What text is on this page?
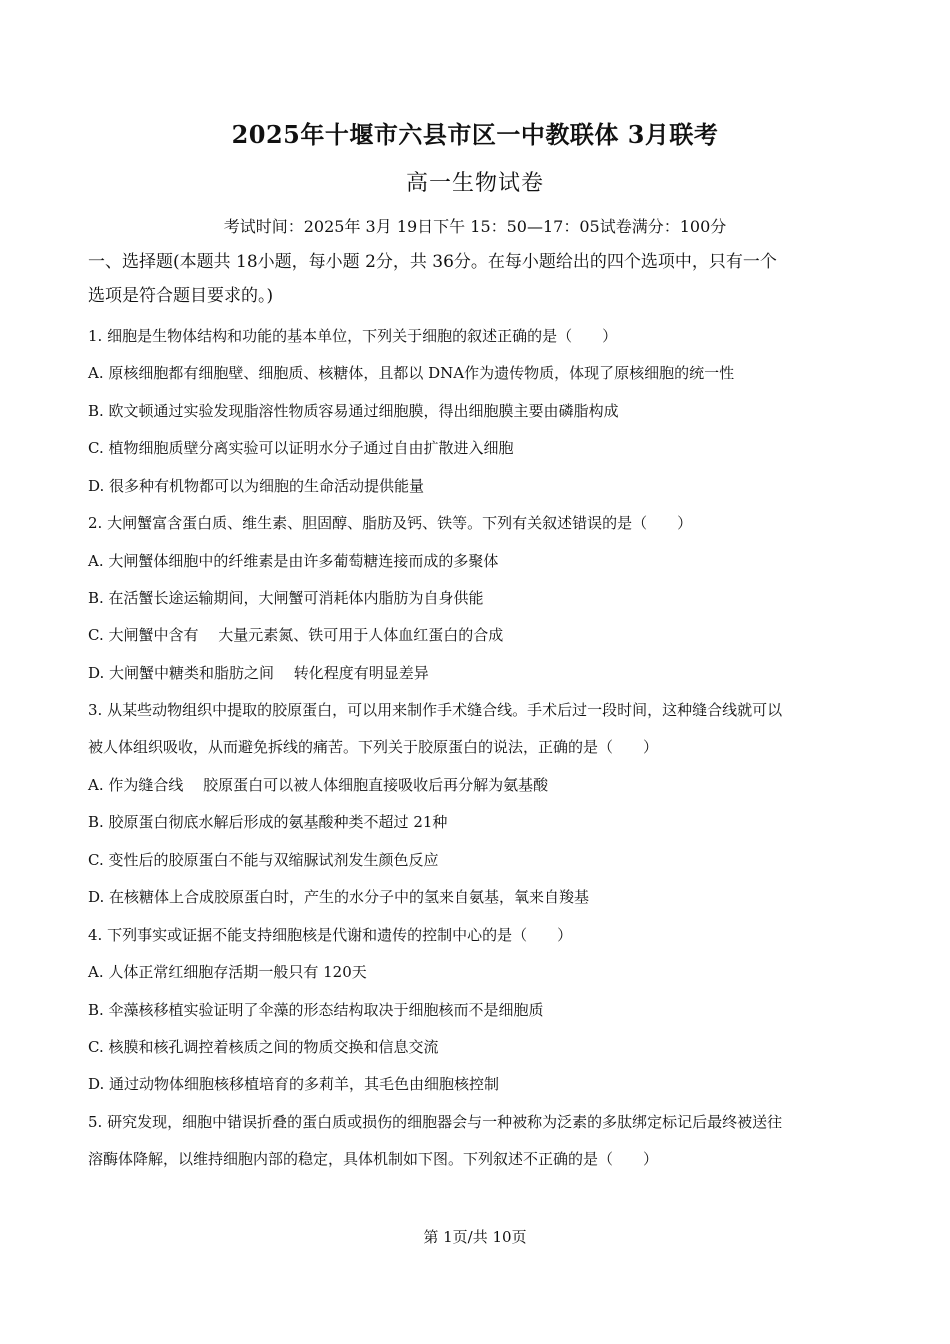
2025年十堰市六县市区一中教联体 3月联考
高一生物试卷
考试时间：2025年 3月 19日下午 15：50—17：05试卷满分：100分
一、选择题(本题共 18小题，每小题 2分，共 36分。在每小题给出的四个选项中，只有一个
选项是符合题目要求的。)
1. 细胞是生物体结构和功能的基本单位，下列关于细胞的叙述正确的是（　　）
A. 原核细胞都有细胞壁、细胞质、核糖体，且都以 DNA作为遗传物质，体现了原核细胞的统一性
B. 欧文顿通过实验发现脂溶性物质容易通过细胞膜，得出细胞膜主要由磷脂构成
C. 植物细胞质壁分离实验可以证明水分子通过自由扩散进入细胞
D. 很多种有机物都可以为细胞的生命活动提供能量
2. 大闸蟹富含蛋白质、维生素、胆固醇、脂肪及钙、铁等。下列有关叙述错误的是（　　）
A. 大闸蟹体细胞中的纤维素是由许多葡萄糖连接而成的多聚体
B. 在活蟹长途运输期间，大闸蟹可消耗体内脂肪为自身供能
C. 大闸蟹中含有　 大量元素氮、铁可用于人体血红蛋白的合成
D. 大闸蟹中糖类和脂肪之间　 转化程度有明显差异
3. 从某些动物组织中提取的胶原蛋白，可以用来制作手术缝合线。手术后过一段时间，这种缝合线就可以
被人体组织吸收，从而避免拆线的痛苦。下列关于胶原蛋白的说法，正确的是（　　）
A. 作为缝合线　 胶原蛋白可以被人体细胞直接吸收后再分解为氨基酸
B. 胶原蛋白彻底水解后形成的氨基酸种类不超过 21种
C. 变性后的胶原蛋白不能与双缩脲试剂发生颜色反应
D. 在核糖体上合成胶原蛋白时，产生的水分子中的氢来自氨基，氧来自羧基
4. 下列事实或证据不能支持细胞核是代谢和遗传的控制中心的是（　　）
A. 人体正常红细胞存活期一般只有 120天
B. 伞藻核移植实验证明了伞藻的形态结构取决于细胞核而不是细胞质
C. 核膜和核孔调控着核质之间的物质交换和信息交流
D. 通过动物体细胞核移植培育的多莉羊，其毛色由细胞核控制
5. 研究发现，细胞中错误折叠的蛋白质或损伤的细胞器会与一种被称为泛素的多肽绑定标记后最终被送往
溶酶体降解，以维持细胞内部的稳定，具体机制如下图。下列叙述不正确的是（　　）
第 1页/共 10页
